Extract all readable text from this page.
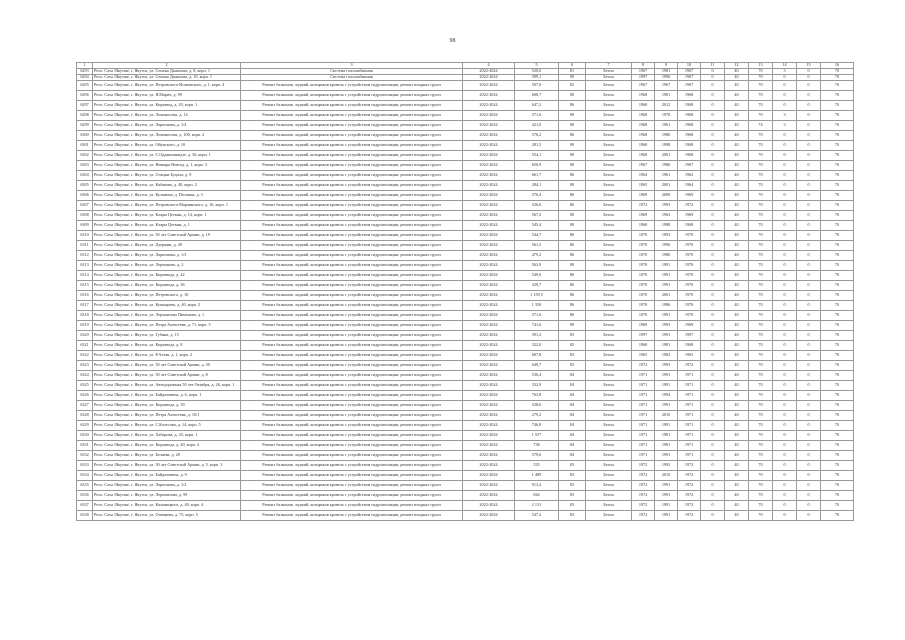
98
1	2	3	4	5	6	7	8	9	10	11	12	13	14	15	16
6293	Респ. Саха /Якутия/, г. Якутск, ул. Семена Данилова, д. 8, корп. 1	Система газоснабжения	2022-2024	520,0	81	Бетон	1967	1981	1967	0	40	70	3	0	70
6294	Респ. Саха /Якутия/, г. Якутск, ул. Семена Данилова, д. 10, корп. 1	Система газоснабжения	2022-2024	399,1	90	Бетон	1997	1996	1967	0	40	70	0	0	70
6295	Респ. Саха /Якутия/, г. Якутск, ул. Петровского-Исаковского, д. 1, корп. 4	Ремонт балконов, лоджий, козырьков кровель с устройством гидроизоляции, ремонт входных групп	2022-2024	507,0	82	Бетон	1967	1967	1967	0	40	70	0	0	70
6296	Респ. Саха /Якутия/, г. Якутск, ул. Я.Марич, д. 99	Ремонт балконов, лоджий, козырьков кровель с устройством гидроизоляции, ремонт входных групп	2022-2024	608,7	80	Бетон	1968	1981	1968	0	40	70	0	0	70
6297	Респ. Саха /Якутия/, г. Якутск, ул. Кирзавод, д. 20, корп. 1	Ремонт балконов, лоджий, козырьков кровель с устройством гидроизоляции, ремонт входных групп	2022-2024	647,2	86	Бетон	1968	2012	1968	0	40	70	0	0	70
6298	Респ. Саха /Якутия/, г. Якутск, ул. Ломоносова, д. 14	Ремонт балконов, лоджий, козырьков кровель с устройством гидроизоляции, ремонт входных групп	2022-2024	571,6	80	Бетон	1968	1978	1968	0	40	70	3	0	70
6299	Респ. Саха /Якутия/, г. Якутск, ул. Ларионова, д. 1/4	Ремонт балконов, лоджий, козырьков кровель с устройством гидроизоляции, ремонт входных групп	2022-2024	421,0	80	Бетон	1968	1961	1968	0	40	74	3	0	70
6300	Респ. Саха /Якутия/, г. Якутск, ул. Ломоносова, д. 100, корп. 2	Ремонт балконов, лоджий, козырьков кровель с устройством гидроизоляции, ремонт входных групп	2022-2024	576,2	86	Бетон	1968	1986	1968	0	40	70	0	0	70
6301	Респ. Саха /Якутия/, г. Якутск, ул. Ойунского, д. 10	Ремонт балконов, лоджий, козырьков кровель с устройством гидроизоляции, ремонт входных групп	2022-2024	281,5	90	Бетон	1968	1998	1968	0	40	70	0	0	70
6302	Респ. Саха /Якутия/, г. Якутск, ул. С.Орджоникидзе, д. 36, корп. 1	Ремонт балконов, лоджий, козырьков кровель с устройством гидроизоляции, ремонт входных групп	2022-2024	554,1	90	Бетон	1968	2001	1968	0	40	70	0	0	70
6303	Респ. Саха /Якутия/, г. Якутск, ул. Невкаря Новгод, д. 1, корп. 3	Ремонт балконов, лоджий, козырьков кровель с устройством гидроизоляции, ремонт входных групп	2022-2024	650,9	80	Бетон	1967	1986	1967	0	40	70	0	0	70
6304	Респ. Саха /Якутия/, г. Якутск, ул. Ольцыа Буцала, д. 9	Ремонт балконов, лоджий, козырьков кровель с устройством гидроизоляции, ремонт входных групп	2022-2024	661,7	86	Бетон	1964	1961	1962	0	40	70	0	0	70
6305	Респ. Саха /Якутия/, г. Якутск, ул. Кабакова, д. 40, корп. 2	Ремонт балконов, лоджий, козырьков кровель с устройством гидроизоляции, ремонт входных групп	2022-2024	284,1	80	Бетон	1965	2001	1964	0	40	70	0	0	70
6306	Респ. Саха /Якутия/, г. Якутск, ул. Кузьмина, д. Поскина, д. 3	Ремонт балконов, лоджий, козырьков кровель с устройством гидроизоляции, ремонт входных групп	2022-2024	576,4	86	Бетон	1969	2008	1969	0	40	70	0	0	70
6307	Респ. Саха /Якутия/, г. Якутск, ул. Петровского-Марчинского, д. 16, корп. 1	Ремонт балконов, лоджий, козырьков кровель с устройством гидроизоляции, ремонт входных групп	2022-2024	526,6	86	Бетон	1972	1993	1972	0	40	70	0	0	70
6308	Респ. Саха /Якутия/, г. Якутск, ул. Клары Цеткин, д. 14, корп. 1	Ремонт балконов, лоджий, козырьков кровель с устройством гидроизоляции, ремонт входных групп	2022-2024	567,2	80	Бетон	1969	1963	1969	0	40	70	0	0	70
6309	Респ. Саха /Якутия/, г. Якутск, ул. Клары Цеткин, д. 1	Ремонт балконов, лоджий, козырьков кровель с устройством гидроизоляции, ремонт входных групп	2022-2024	545,4	80	Бетон	1968	1988	1968	0	40	70	0	0	70
6310	Респ. Саха /Якутия/, г. Якутск, ул. 50 лет Советской Армии, д. 19	Ремонт балконов, лоджий, козырьков кровель с устройством гидроизоляции, ремонт входных групп	2022-2024	544,7	86	Бетон	1970	1993	1970	0	40	70	0	0	70
6311	Респ. Саха /Якутия/, г. Якутск, ул. Дзержин, д. 49	Ремонт балконов, лоджий, козырьков кровель с устройством гидроизоляции, ремонт входных групп	2022-2024	561,5	86	Бетон	1970	1996	1970	0	40	70	0	0	70
6312	Респ. Саха /Якутия/, г. Якутск, ул. Ларионова, д. 1/3	Ремонт балконов, лоджий, козырьков кровель с устройством гидроизоляции, ремонт входных групп	2022-2024	479,2	86	Бетон	1970	1986	1970	0	40	70	0	0	70
6313	Респ. Саха /Якутия/, г. Якутск, ул. Лермонова, д. 2	Ремонт балконов, лоджий, козырьков кровель с устройством гидроизоляции, ремонт входных групп	2022-2024	563,9	80	Бетон	1970	1991	1970	0	40	70	0	0	70
6314	Респ. Саха /Якутия/, г. Якутск, ул. Кирзавода, д. 42	Ремонт балконов, лоджий, козырьков кровель с устройством гидроизоляции, ремонт входных групп	2022-2024	549,6	86	Бетон	1970	1991	1970	0	40	70	0	0	70
6315	Респ. Саха /Якутия/, г. Якутск, ул. Кирзавода, д. 36	Ремонт балконов, лоджий, козырьков кровель с устройством гидроизоляции, ремонт входных групп	2022-2024	329,7	86	Бетон	1970	1991	1970	0	40	70	0	0	70
6316	Респ. Саха /Якутия/, г. Якутск, ул. Петровского, д. 10	Ремонт балконов, лоджий, козырьков кровель с устройством гидроизоляции, ремонт входных групп	2022-2024	1 159,5	86	Бетон	1970	2001	1970	0	40	70	0	0	70
6317	Респ. Саха /Якутия/, г. Якутск, ул. Кушнарева, д. 40, корп. 2	Ремонт балконов, лоджий, козырьков кровель с устройством гидроизоляции, ремонт входных групп	2022-2024	1 350	86	Бетон	1970	1986	1970	0	40	70	0	0	70
6318	Респ. Саха /Якутия/, г. Якутск, ул. Лермонтова Пименова, д. 1	Ремонт балконов, лоджий, козырьков кровель с устройством гидроизоляции, ремонт входных групп	2022-2024	571,6	86	Бетон	1970	1991	1970	0	40	70	0	0	70
6319	Респ. Саха /Якутия/, г. Якутск, ул. Петра Алексеева, д. 71, корп. 5	Ремонт балконов, лоджий, козырьков кровель с устройством гидроизоляции, ремонт входных групп	2022-2024	741,6	89	Бетон	1969	1993	1969	0	40	70	0	0	70
6320	Респ. Саха /Якутия/, г. Якутск, ул. Губина, д. 15	Ремонт балконов, лоджий, козырьков кровель с устройством гидроизоляции, ремонт входных групп	2022-2024	391,2	83	Бетон	1997	1991	1997	0	40	70	0	0	70
6321	Респ. Саха /Якутия/, г. Якутск, ул. Кирзавода, д. 8	Ремонт балконов, лоджий, козырьков кровель с устройством гидроизоляции, ремонт входных групп	2022-2024	322,0	82	Бетон	1968	1981	1968	0	40	70	0	0	70
6322	Респ. Саха /Якутия/, г. Якутск, ул. Р.Алтав, д. 1, корп. 2	Ремонт балконов, лоджий, козырьков кровель с устройством гидроизоляции, ремонт входных групп	2022-2024	607,8	83	Бетон	1965	1982	1965	0	40	70	0	0	70
6323	Респ. Саха /Якутия/, г. Якутск, ул. 50 лет Советской Армии, д. 30	Ремонт балконов, лоджий, козырьков кровель с устройством гидроизоляции, ремонт входных групп	2022-2024	649,7	83	Бетон	1972	1993	1972	0	40	70	0	0	70
6324	Респ. Саха /Якутия/, г. Якутск, ул. 50 лет Советской Армии, д. 8	Ремонт балконов, лоджий, козырьков кровель с устройством гидроизоляции, ремонт входных групп	2022-2024	536,4	84	Бетон	1971	1991	1971	0	40	70	0	0	70
6325	Респ. Саха /Якутия/, г. Якутск, ул. Автодорожная 50 лет Октября, д. 26, корп. 1	Ремонт балконов, лоджий, козырьков кровель с устройством гидроизоляции, ремонт входных групп	2022-2024	332,9	84	Бетон	1971	1991	1971	0	40	70	0	0	70
6326	Респ. Саха /Якутия/, г. Якутск, ул. Байдаловича, д. 6, корп. 1	Ремонт балконов, лоджий, козырьков кровель с устройством гидроизоляции, ремонт входных групп	2022-2024	763,8	84	Бетон	1971	1994	1971	0	40	70	0	0	70
6327	Респ. Саха /Якутия/, г. Якутск, ул. Кирзавода, д. 39	Ремонт балконов, лоджий, козырьков кровель с устройством гидроизоляции, ремонт входных групп	2022-2024	528,6	84	Бетон	1971	1991	1971	0	40	70	0	0	70
6328	Респ. Саха /Якутия/, г. Якутск, ул. Петра Алексеева, д. 10/1	Ремонт балконов, лоджий, козырьков кровель с устройством гидроизоляции, ремонт входных групп	2022-2024	279,2	84	Бетон	1971	2010	1971	0	40	70	0	0	70
6329	Респ. Саха /Якутия/, г. Якутск, ул. С.Колесова, д. 14, корп. 5	Ремонт балконов, лоджий, козырьков кровель с устройством гидроизоляции, ремонт входных групп	2022-2024	746,8	84	Бетон	1971	1991	1971	0	40	70	0	0	70
6330	Респ. Саха /Якутия/, г. Якутск, ул. Хабарова, д. 43, корп. 1	Ремонт балконов, лоджий, козырьков кровель с устройством гидроизоляции, ремонт входных групп	2022-2024	1 557	84	Бетон	1971	1981	1971	0	40	70	0	0	70
6331	Респ. Саха /Якутия/, г. Якутск, ул. Кирзавода, д. 40, корп. 4	Ремонт балконов, лоджий, козырьков кровель с устройством гидроизоляции, ремонт входных групп	2022-2024	738	84	Бетон	1971	1981	1971	0	40	70	0	0	70
6332	Респ. Саха /Якутия/, г. Якутск, ул. Беляева, д. 20	Ремонт балконов, лоджий, козырьков кровель с устройством гидроизоляции, ремонт входных групп	2022-2024	579,6	84	Бетон	1971	1991	1971	0	40	70	0	0	70
6333	Респ. Саха /Якутия/, г. Якутск, ул. 50 лет Советской Армии, д. 5, корп. 3	Ремонт балконов, лоджий, козырьков кровель с устройством гидроизоляции, ремонт входных групп	2022-2024	535	83	Бетон	1972	1992	1972	0	40	70	0	0	70
6334	Респ. Саха /Якутия/, г. Якутск, ул. Байдаловича, д. 9	Ремонт балконов, лоджий, козырьков кровель с устройством гидроизоляции, ремонт входных групп	2022-2024	1 489	83	Бетон	1972	2010	1972	0	40	70	0	0	70
6335	Респ. Саха /Якутия/, г. Якутск, ул. Ларионова, д. 1/2	Ремонт балконов, лоджий, козырьков кровель с устройством гидроизоляции, ремонт входных групп	2022-2024	913,4	83	Бетон	1972	1991	1972	0	40	70	0	0	70
6336	Респ. Саха /Якутия/, г. Якутск, ул. Лермонтова, д. 99	Ремонт балконов, лоджий, козырьков кровель с устройством гидроизоляции, ремонт входных групп	2022-2024	844	83	Бетон	1972	1991	1972	0	40	70	0	0	70
6337	Респ. Саха /Якутия/, г. Якутск, ул. Кальвицкого, д. 40, корп. 4	Ремонт балконов, лоджий, козырьков кровель с устройством гидроизоляции, ремонт входных групп	2022-2024	2 131	83	Бетон	1972	1991	1972	0	40	70	0	0	70
6338	Респ. Саха /Якутия/, г. Якутск, ул. Очичнева, д. 75, корп. 5	Ремонт балконов, лоджий, козырьков кровель с устройством гидроизоляции, ремонт входных групп	2022-2024	547,2	83	Бетон	1972	1991	1972	0	40	70	0	0	70
